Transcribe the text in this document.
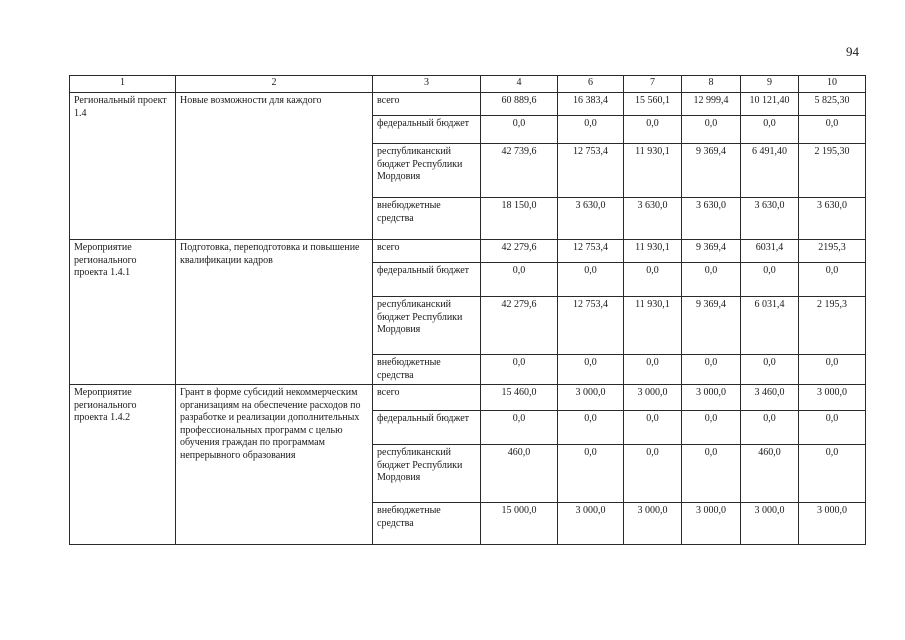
94
1	2	3	4	6	7	8	9	10
Региональный проект 1.4	Новые возможности для каждого	всего	60 889,6	16 383,4	15 560,1	12 999,4	10 121,40	5 825,30
		федеральный бюджет	0,0	0,0	0,0	0,0	0,0	0,0
		республиканский бюджет Республики Мордовия	42 739,6	12 753,4	11 930,1	9 369,4	6 491,40	2 195,30
		внебюджетные средства	18 150,0	3 630,0	3 630,0	3 630,0	3 630,0	3 630,0
Мероприятие регионального проекта 1.4.1	Подготовка, переподготовка и повышение квалификации кадров	всего	42 279,6	12 753,4	11 930,1	9 369,4	6031,4	2195,3
		федеральный бюджет	0,0	0,0	0,0	0,0	0,0	0,0
		республиканский бюджет Республики Мордовия	42 279,6	12 753,4	11 930,1	9 369,4	6 031,4	2 195,3
		внебюджетные средства	0,0	0,0	0,0	0,0	0,0	0,0
Мероприятие регионального проекта 1.4.2	Грант в форме субсидий некоммерческим организациям на обеспечение расходов по разработке и реализации дополнительных профессиональных программ с целью обучения граждан по программам непрерывного образования	всего	15 460,0	3 000,0	3 000,0	3 000,0	3 460,0	3 000,0
		федеральный бюджет	0,0	0,0	0,0	0,0	0,0	0,0
		республиканский бюджет Республики Мордовия	460,0	0,0	0,0	0,0	460,0	0,0
		внебюджетные средства	15 000,0	3 000,0	3 000,0	3 000,0	3 000,0	3 000,0
